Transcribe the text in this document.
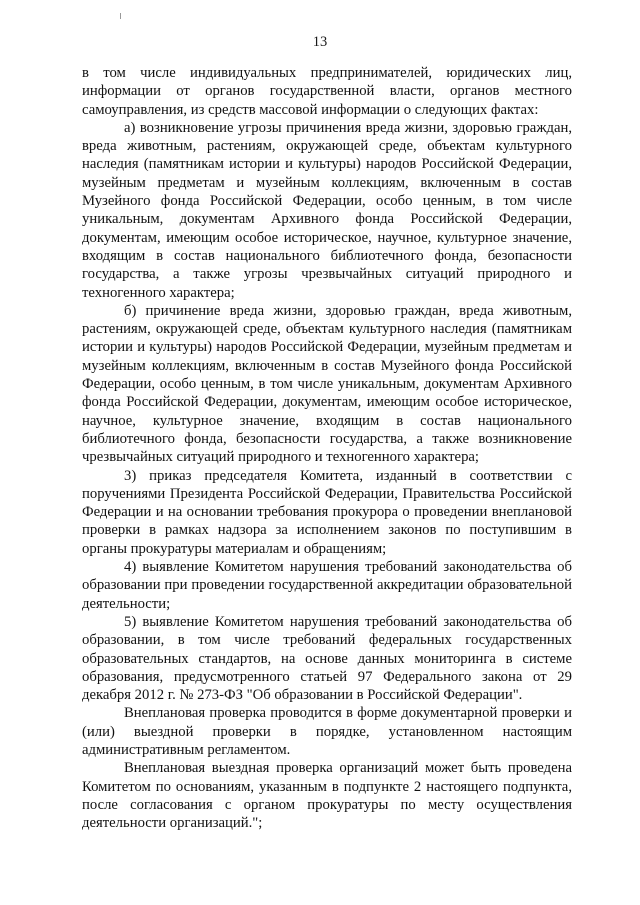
13

в том числе индивидуальных предпринимателей, юридических лиц, информации от органов государственной власти, органов местного самоуправления, из средств массовой информации о следующих фактах:

а) возникновение угрозы причинения вреда жизни, здоровью граждан, вреда животным, растениям, окружающей среде, объектам культурного наследия (памятникам истории и культуры) народов Российской Федерации, музейным предметам и музейным коллекциям, включенным в состав Музейного фонда Российской Федерации, особо ценным, в том числе уникальным, документам Архивного фонда Российской Федерации, документам, имеющим особое историческое, научное, культурное значение, входящим в состав национального библиотечного фонда, безопасности государства, а также угрозы чрезвычайных ситуаций природного и техногенного характера;

б) причинение вреда жизни, здоровью граждан, вреда животным, растениям, окружающей среде, объектам культурного наследия (памятникам истории и культуры) народов Российской Федерации, музейным предметам и музейным коллекциям, включенным в состав Музейного фонда Российской Федерации, особо ценным, в том числе уникальным, документам Архивного фонда Российской Федерации, документам, имеющим особое историческое, научное, культурное значение, входящим в состав национального библиотечного фонда, безопасности государства, а также возникновение чрезвычайных ситуаций природного и техногенного характера;

3) приказ председателя Комитета, изданный в соответствии с поручениями Президента Российской Федерации, Правительства Российской Федерации и на основании требования прокурора о проведении внеплановой проверки в рамках надзора за исполнением законов по поступившим в органы прокуратуры материалам и обращениям;

4) выявление Комитетом нарушения требований законодательства об образовании при проведении государственной аккредитации образовательной деятельности;

5) выявление Комитетом нарушения требований законодательства об образовании, в том числе требований федеральных государственных образовательных стандартов, на основе данных мониторинга в системе образования, предусмотренного статьей 97 Федерального закона от 29 декабря 2012 г. № 273-ФЗ "Об образовании в Российской Федерации".

Внеплановая проверка проводится в форме документарной проверки и (или) выездной проверки в порядке, установленном настоящим административным регламентом.

Внеплановая выездная проверка организаций может быть проведена Комитетом по основаниям, указанным в подпункте 2 настоящего подпункта, после согласования с органом прокуратуры по месту осуществления деятельности организаций.";
